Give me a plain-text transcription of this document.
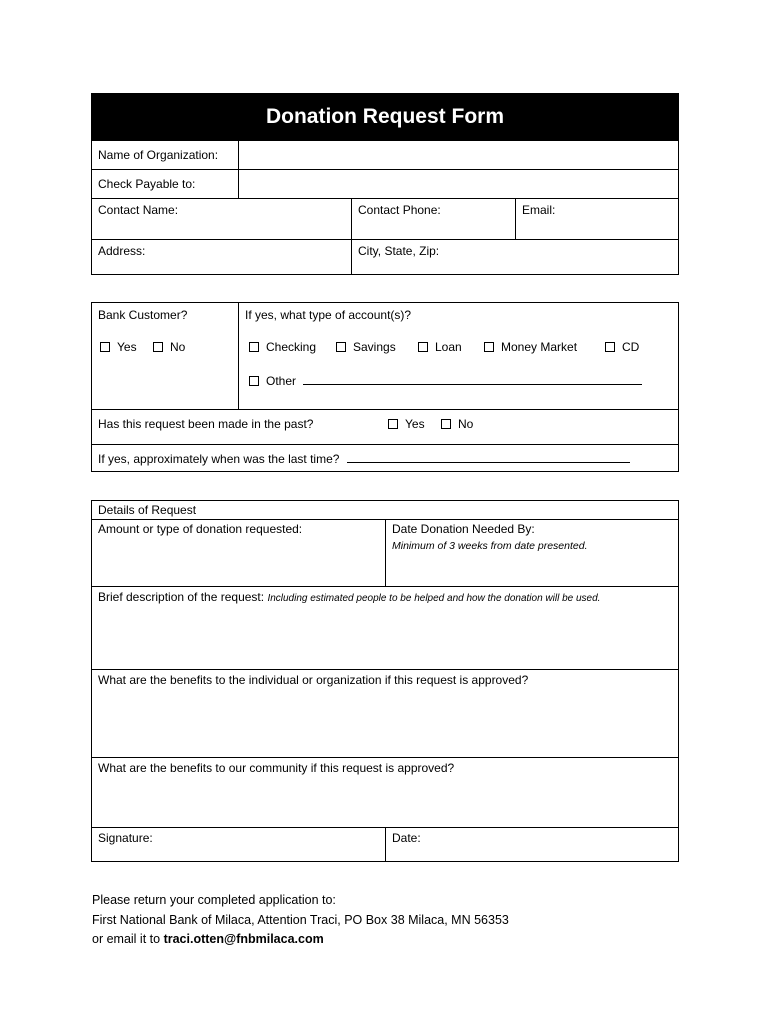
Donation Request Form
Name of Organization:
Check Payable to:
Contact Name:	Contact Phone:	Email:
Address:	City, State, Zip:
Bank Customer?
Yes	No
If yes, what type of account(s)?
Checking	Savings	Loan	Money Market	CD
Other
Has this request been made in the past?	Yes	No
If yes, approximately when was the last time?
Details of Request
Amount or type of donation requested:	Date Donation Needed By:
Minimum of 3 weeks from date presented.
Brief description of the request: Including estimated people to be helped and how the donation will be used.
What are the benefits to the individual or organization if this request is approved?
What are the benefits to our community if this request is approved?
Signature:	Date:
Please return your completed application to:
First National Bank of Milaca, Attention Traci, PO Box 38 Milaca, MN 56353
or email it to traci.otten@fnbmilaca.com
